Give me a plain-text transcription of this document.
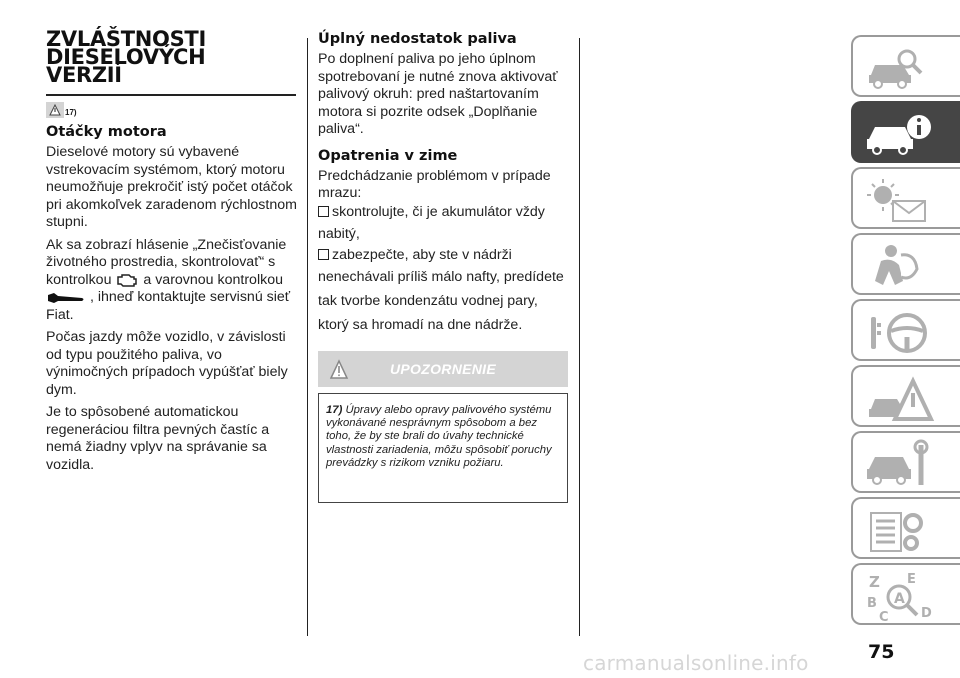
ZVLÁŠTNOSTI
DIESELOVÝCH
VERZIÍ
17)
Otáčky motora

Dieselové motory sú vybavené vstrekovacím systémom, ktorý motoru neumožňuje prekročiť istý počet otáčok pri akomkoľvek zaradenom rýchlostnom stupni.

Ak sa zobrazí hlásenie „Znečisťovanie životného prostredia, skontrolovať“ s kontrolkou a varovnou kontrolkou  , ihneď kontaktujte servisnú sieť Fiat.

Počas jazdy môže vozidlo, v závislosti od typu použitého paliva, vo výnimočných prípadoch vypúšťať biely dym.

Je to spôsobené automatickou regeneráciou filtra pevných častíc a nemá žiadny vplyv na správanie sa vozidla.

Úplný nedostatok paliva

Po doplnení paliva po jeho úplnom spotrebovaní je nutné znova aktivovať palivový okruh: pred naštartovaním motora si pozrite odsek „Doplňanie paliva“.

Opatrenia v zime

Predchádzanie problémom v prípade mrazu:

skontrolujte, či je akumulátor vždy
nabitý,
zabezpečte, aby ste v nádrži
nenechávali príliš málo nafty, predídete
tak tvorbe kondenzátu vodnej pary,
ktorý sa hromadí na dne nádrže.
UPOZORNENIE
17) Úpravy alebo opravy palivového systému vykonávané nesprávnym spôsobom a bez toho, že by ste brali do úvahy technické vlastnosti zariadenia, môžu spôsobiť poruchy prevádzky s rizikom vzniku požiaru.
Z E
B
C D
A
75
carmanualsonline.info
